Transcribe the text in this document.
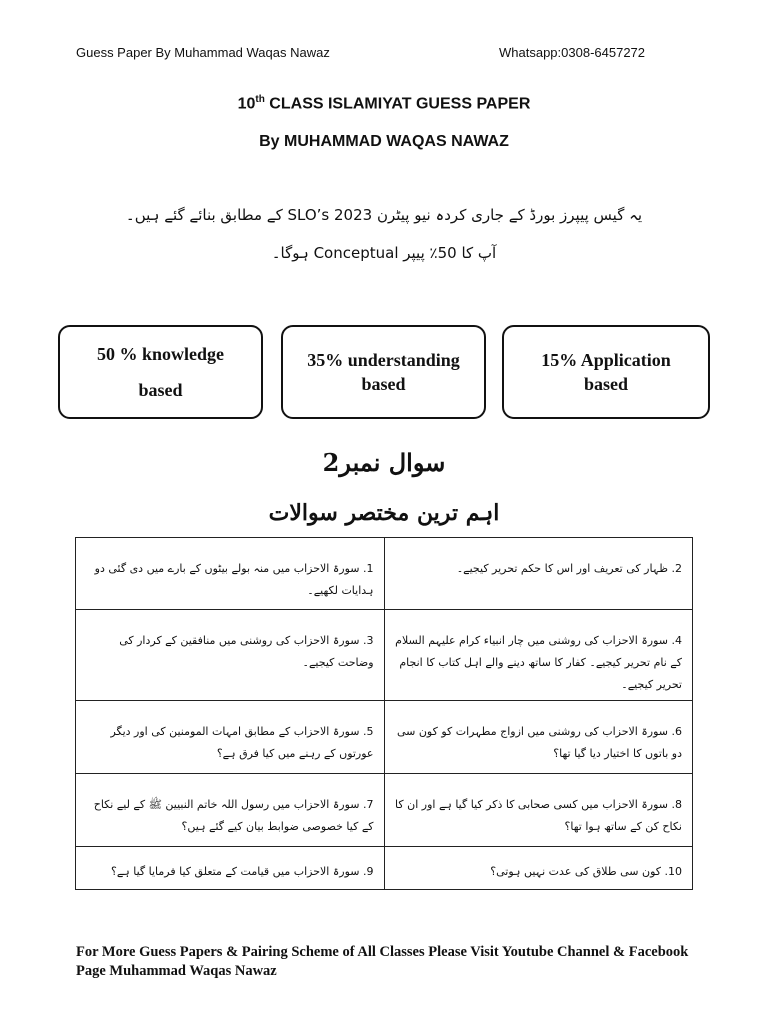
Guess Paper By Muhammad Waqas Nawaz	Whatsapp:0308-6457272
10th CLASS ISLAMIYAT GUESS PAPER
By MUHAMMAD WAQAS NAWAZ
یہ گیس پیپرز بورڈ کے جاری کردہ نیو پیٹرن SLO’s 2023 کے مطابق بنائے گئے ہیں۔
آپ کا 50٪ پیپر Conceptual ہوگا۔
50 % knowledge
based
35% understanding
based
15% Application
based
سوال نمبر2
اہم ترین مختصر سوالات
1. سورۃ الاحزاب میں منہ بولے بیٹوں کے بارے میں دی گئی دو ہدایات لکھیے۔	2. ظہار کی تعریف اور اس کا حکم تحریر کیجیے۔
3. سورۃ الاحزاب کی روشنی میں منافقین کے کردار کی وضاحت کیجیے۔	4. سورۃ الاحزاب کی روشنی میں چار انبیاء کرام علیہم السلام کے نام تحریر کیجیے۔ کفار کا ساتھ دینے والے اہل کتاب کا انجام تحریر کیجیے۔
5. سورۃ الاحزاب کے مطابق امہات المومنین کی اور دیگر عورتوں کے رہنے میں کیا فرق ہے؟	6. سورۃ الاحزاب کی روشنی میں ازواج مطہرات کو کون سی دو باتوں کا اختیار دیا گیا تھا؟
7. سورۃ الاحزاب میں رسول اللہ خاتم النبیین ﷺ کے لیے نکاح کے کیا خصوصی ضوابط بیان کیے گئے ہیں؟	8. سورۃ الاحزاب میں کسی صحابی کا ذکر کیا گیا ہے اور ان کا نکاح کن کے ساتھ ہوا تھا؟
9. سورۃ الاحزاب میں قیامت کے متعلق کیا فرمایا گیا ہے؟	10. کون سی طلاق کی عدت نہیں ہوتی؟
For More Guess Papers & Pairing Scheme of All Classes Please Visit Youtube Channel & Facebook Page Muhammad Waqas Nawaz
